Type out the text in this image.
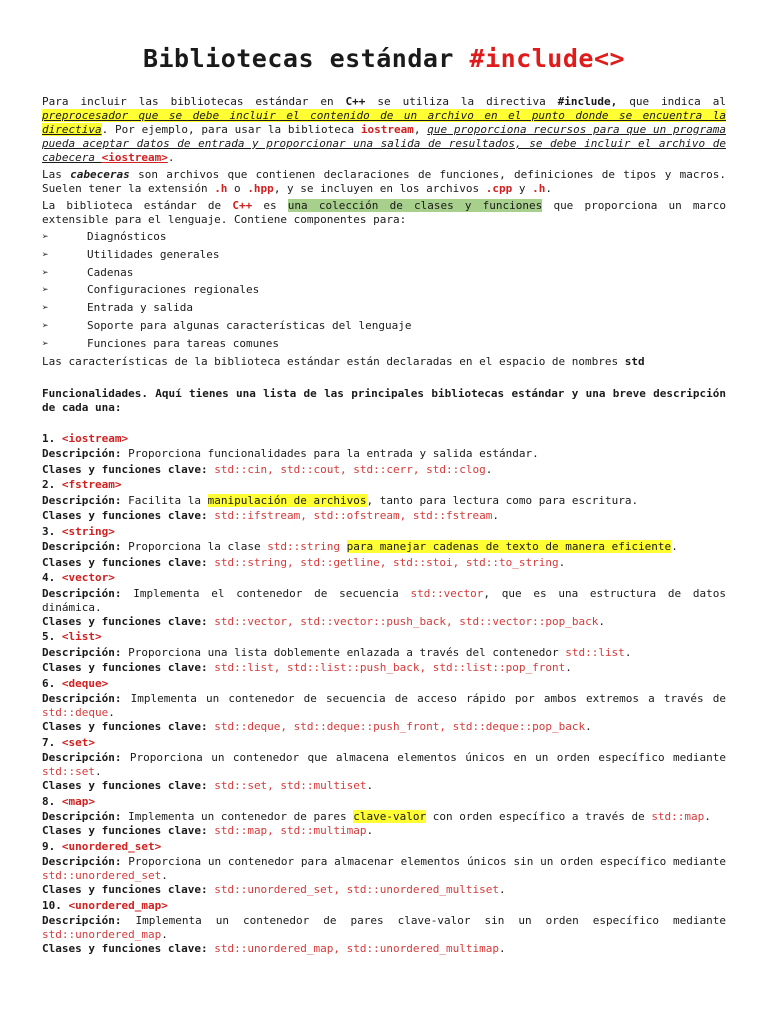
Bibliotecas estándar #include<>

Para incluir las bibliotecas estándar en C++ se utiliza la directiva #include, que indica al preprocesador que se debe incluir el contenido de un archivo en el punto donde se encuentra la directiva. Por ejemplo, para usar la biblioteca iostream, que proporciona recursos para que un programa pueda aceptar datos de entrada y proporcionar una salida de resultados, se debe incluir el archivo de cabecera <iostream>.

Las cabeceras son archivos que contienen declaraciones de funciones, definiciones de tipos y macros. Suelen tener la extensión .h o .hpp, y se incluyen en los archivos .cpp y .h.

La biblioteca estándar de C++ es una colección de clases y funciones que proporciona un marco extensible para el lenguaje. Contiene componentes para:

➢	Diagnósticos
➢	Utilidades generales
➢	Cadenas
➢	Configuraciones regionales
➢	Entrada y salida
➢	Soporte para algunas características del lenguaje
➢	Funciones para tareas comunes

Las características de la biblioteca estándar están declaradas en el espacio de nombres std

Funcionalidades. Aquí tienes una lista de las principales bibliotecas estándar y una breve descripción de cada una:

1. <iostream>

Descripción: Proporciona funcionalidades para la entrada y salida estándar.

Clases y funciones clave: std::cin, std::cout, std::cerr, std::clog.

2. <fstream>

Descripción: Facilita la manipulación de archivos, tanto para lectura como para escritura.

Clases y funciones clave: std::ifstream, std::ofstream, std::fstream.

3. <string>

Descripción: Proporciona la clase std::string para manejar cadenas de texto de manera eficiente.

Clases y funciones clave: std::string, std::getline, std::stoi, std::to_string.

4. <vector>

Descripción: Implementa el contenedor de secuencia std::vector, que es una estructura de datos dinámica.

Clases y funciones clave: std::vector, std::vector::push_back, std::vector::pop_back.

5. <list>

Descripción: Proporciona una lista doblemente enlazada a través del contenedor std::list.

Clases y funciones clave: std::list, std::list::push_back, std::list::pop_front.

6. <deque>

Descripción: Implementa un contenedor de secuencia de acceso rápido por ambos extremos a través de std::deque.

Clases y funciones clave: std::deque, std::deque::push_front, std::deque::pop_back.

7. <set>

Descripción: Proporciona un contenedor que almacena elementos únicos en un orden específico mediante std::set.

Clases y funciones clave: std::set, std::multiset.

8. <map>

Descripción: Implementa un contenedor de pares clave-valor con orden específico a través de std::map.

Clases y funciones clave: std::map, std::multimap.

9. <unordered_set>

Descripción: Proporciona un contenedor para almacenar elementos únicos sin un orden específico mediante std::unordered_set.

Clases y funciones clave: std::unordered_set, std::unordered_multiset.

10. <unordered_map>

Descripción: Implementa un contenedor de pares clave-valor sin un orden específico mediante std::unordered_map.

Clases y funciones clave: std::unordered_map, std::unordered_multimap.
